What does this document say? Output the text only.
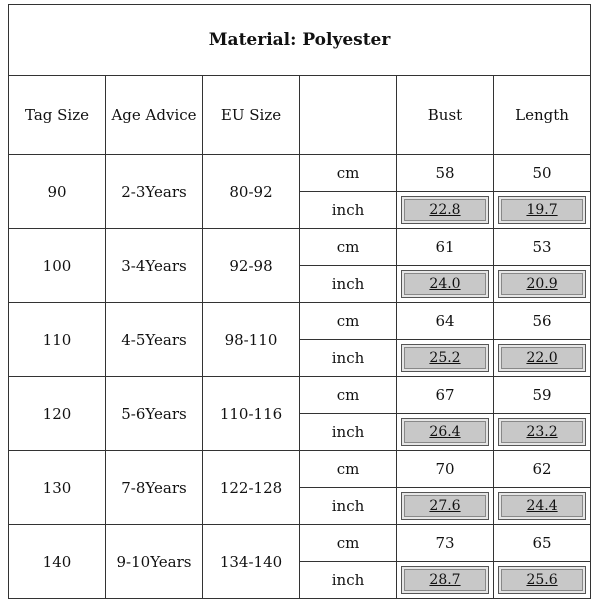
Material: Polyester					
Tag Size	Age Advice	EU Size		Bust	Length
90	2-3Years	80-92	cm	58	50
			inch	22.8	19.7
100	3-4Years	92-98	cm	61	53
			inch	24.0	20.9
110	4-5Years	98-110	cm	64	56
			inch	25.2	22.0
120	5-6Years	110-116	cm	67	59
			inch	26.4	23.2
130	7-8Years	122-128	cm	70	62
			inch	27.6	24.4
140	9-10Years	134-140	cm	73	65
			inch	28.7	25.6
